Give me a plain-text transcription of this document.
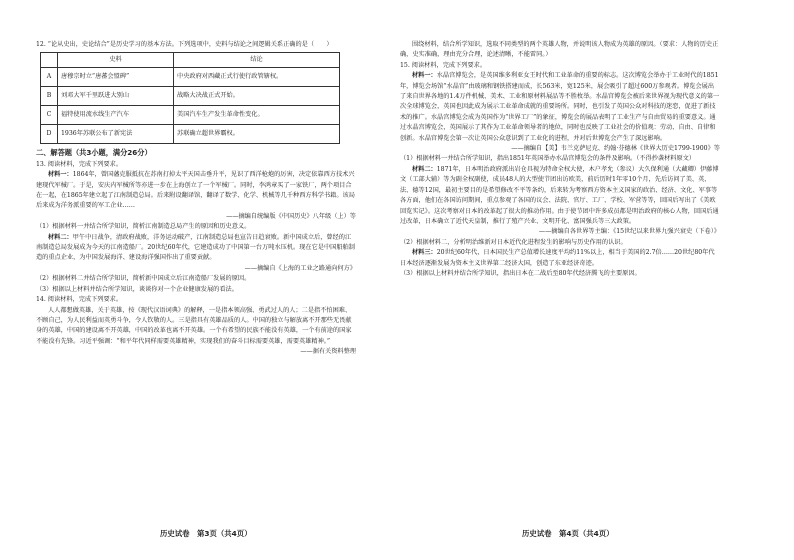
12. “论从史出，史论结合”是历史学习的基本方法。下列选项中，史料与结论之间逻辑关系正确的是（　　）

	史料	结论
A	唐穆宗时立“唐蕃会盟碑”	中央政府对西藏正式行使行政管辖权。
B	刘邓大军千里跃进大别山	战略大决战正式开始。
C	福特使用流水线生产汽车	美国汽车生产发生革命性变化。
D	1936年苏联公布了新宪法	苏联确立超世界霸权。
二、解答题（共3小题，满分26分）

13. 阅读材料，完成下列要求。

材料一：1864年，曾国藩克服抵抗在苏南打掉太平天国击垂升平，见识了西洋枪炮的厉害，决定依靠西方技术兴建现代军械厂。于是，安庆内军械所等亦进一步在上海创立了一个军械厂。同时，李鸿章买了一家铁厂，两个项目合在一起，在1865年建立起了江南制造总局。后来附设翻译馆，翻译了数学、化学、机械等几千种西方科学书籍。该局后来成为洋务派重要的军工企业……

——摘编自统编版《中国历史》八年级（上）等

（1）根据材料一并结合所学知识，简析江南制造总局产生的原因和历史意义。

材料二：甲午中日战争，清政府战败，洋务运动破产，江南制造总局也宣告日趋衰败。新中国成立后，曾经的江南制造总局发展成为今天的江南造船厂。20世纪60年代，它建造成功了中国第一台万吨水压机。现在它是中国船舶制造的重点企业，为中国发展海洋、建设海洋强国作出了重要贡献。

——摘编自《上海的工业之路通向何方》

（2）根据材料二并结合所学知识，简析新中国成立后江南造船厂发展的原因。

（3）根据以上材料并结合所学知识，谈谈你对一个企业健康发展的看法。

14. 阅读材料，完成下列要求。

人人都想做英雄，关于英雄，按《现代汉语词典》的解释，一是指本领高强、勇武过人的人；二是指不怕困难、不顾自己，为人民利益而英勇斗争，令人钦敬的人。三是指具有英雄品质的人。中国的独立与解放离不开那些无畏献身的英雄，中国的建设离不开英雄，中国的改革也离不开英雄。一个有希望的民族不能没有英雄，一个有前途的国家不能没有先锋。习近平强调：“和平年代同样需要英雄精神，实现我们的奋斗目标需要英雄，需要英雄精神。”

——据有关资料整理

围绕材料，结合所学知识，选取不同类型的两个英雄人物，并说明该人物成为英雄的原因。（要求：人物的历史正确，史实准确，理由充分合理，论述清晰，不能雷同。）

15. 阅读材料，完成下列要求。

材料一：水晶宫博览会，是英国维多利亚女王时代和工业革命的重要的标志。这次博览会举办于工业时代的1851年，博览会场馆“水晶宫”由玻璃和钢铁搭建而成，长563米，宽125米，展会吸引了超过600万参观者。博览会展出了来自世界各地的1.4万件机械、美术、工业和原材料展品等不胜枚举。水晶宫博览会被后来世界视为现代意义的第一次全球博览会，英国也因此成为展示工业革命成就的重要场所。同时，也引发了英国公众对科技的迷恋，促进了新技术的推广。水晶宫博览会成为英国作为“世界工厂”的象征，博览会的展品表明了工业生产与自由贸易的重要意义。通过水晶宫博览会，英国展示了其作为工业革命领导者的地位，同时也反映了工业社会的价值观：劳动、自由、自律和创新。水晶宫博览会第一次让英国公众意识到了工业化的进程，并对后世博览会产生了深远影响。

——摘编自【美】韦兰克萨尼克、约翰·芬德林《世界大历史1799-1900》等

（1）根据材料一并结合所学知识，指出1851年英国举办水晶宫博览会的条件及影响。（不得抄袭材料原文）

材料二：1871年，日本明治政府派出岩仓具视为特命全权大使，木户孝允（参议）大久保利通（大藏卿）伊藤博文（工部大辅）等为副全权副使，成员48人的大型使节团出访欧美，前后历时1年零10个月，先后访问了美、英、法、德等12国，最初主要目的是希望修改不平等条约，后来转为考察西方资本主义国家的政治、经济、文化、军事等各方面，他们在各国访问期间，重点参观了各国的议会、法院、官厅、工厂、学校、军营等等，回国后写出了《美欧回览实记》。这次考察对日本的改革起了很大的推动作用。由于使节团中许多成员都是明治政府的核心人物，回国后通过改革，日本确立了近代天皇制，推行了殖产兴业、文明开化、富国强兵等三大政策。

——摘编自各世界等主编：《15世纪以来世界九强兴衰史（下卷）》

（2）根据材料二，分析明治维新对日本近代化进程发生的影响与历史作用的认识。

材料三：20世纪60年代，日本国民生产总值增长速度平均约11%以上，相当于美国的2.7倍……20世纪80年代日本经济逐渐发展为资本主义世界第二经济大国，创造了东亚经济奇迹。

（3）根据以上材料并结合所学知识，指出日本在二战后至80年代经济腾飞的主要原因。

历史试卷　第3页（共4页）	历史试卷　第4页（共4页）
